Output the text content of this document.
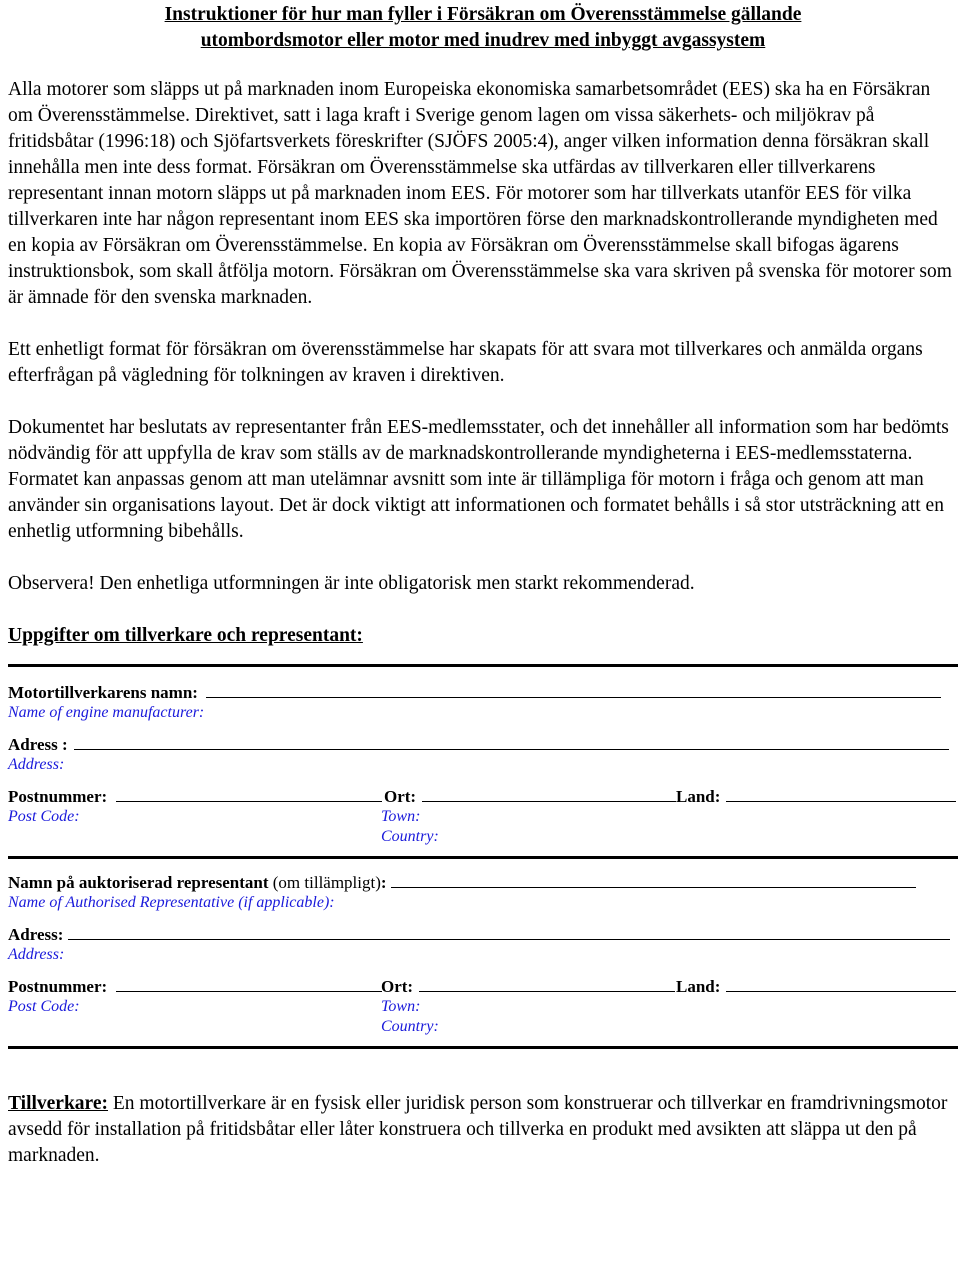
Instruktioner för hur man fyller i Försäkran om Överensstämmelse gällande
utombordsmotor eller motor med inudrev med inbyggt avgassystem

Alla motorer som släpps ut på marknaden inom Europeiska ekonomiska samarbetsområdet (EES) ska ha en Försäkran om Överensstämmelse. Direktivet, satt i laga kraft i Sverige genom lagen om vissa säkerhets- och miljökrav på fritidsbåtar (1996:18) och Sjöfartsverkets föreskrifter (SJÖFS 2005:4), anger vilken information denna försäkran skall innehålla men inte dess format. Försäkran om Överensstämmelse ska utfärdas av tillverkaren eller tillverkarens representant innan motorn släpps ut på marknaden inom EES. För motorer som har tillverkats utanför EES för vilka tillverkaren inte har någon representant inom EES ska importören förse den marknadskontrollerande myndigheten med en kopia av Försäkran om Överensstämmelse. En kopia av Försäkran om Överensstämmelse skall bifogas ägarens instruktionsbok, som skall åtfölja motorn. Försäkran om Överensstämmelse ska vara skriven på svenska för motorer som är ämnade för den svenska marknaden.

Ett enhetligt format för försäkran om överensstämmelse har skapats för att svara mot tillverkares och anmälda organs efterfrågan på vägledning för tolkningen av kraven i direktiven.

Dokumentet har beslutats av representanter från EES-medlemsstater, och det innehåller all information som har bedömts nödvändig för att uppfylla de krav som ställs av de marknadskontrollerande myndigheterna i EES-medlemsstaterna. Formatet kan anpassas genom att man utelämnar avsnitt som inte är tillämpliga för motorn i fråga och genom att man använder sin organisations layout. Det är dock viktigt att informationen och formatet behålls i så stor utsträckning att en enhetlig utformning bibehålls.

Observera! Den enhetliga utformningen är inte obligatorisk men starkt rekommenderad.

Uppgifter om tillverkare och representant:
Motortillverkarens namn:
Name of engine manufacturer:
Adress :
Address:
Postnummer:	Ort:	Land:
Post Code:	Town:
Country:
Namn på auktoriserad representant (om tillämpligt):
Name of Authorised Representative (if applicable):
Adress:
Address:
Postnummer:	Ort:	Land:
Post Code:	Town:
Country:
Tillverkare: En motortillverkare är en fysisk eller juridisk person som konstruerar och tillverkar en framdrivningsmotor avsedd för installation på fritidsbåtar eller låter konstruera och tillverka en produkt med avsikten att släppa ut den på marknaden.
